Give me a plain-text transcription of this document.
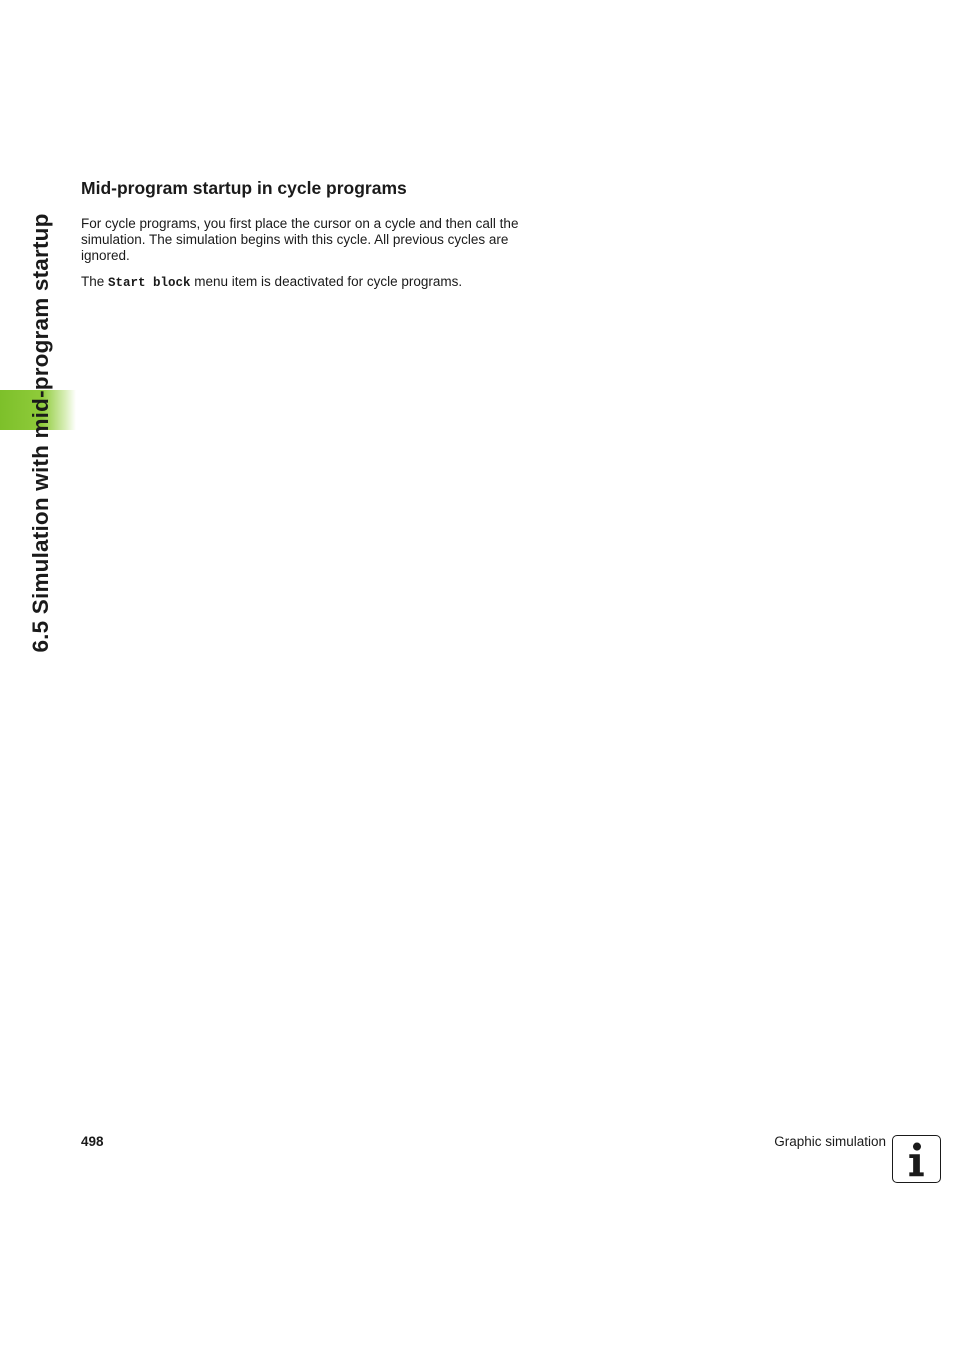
6.5 Simulation with mid-program startup
Mid-program startup in cycle programs

For cycle programs, you first place the cursor on a cycle and then call the simulation. The simulation begins with this cycle. All previous cycles are ignored.

The Start block menu item is deactivated for cycle programs.

498	Graphic simulation
